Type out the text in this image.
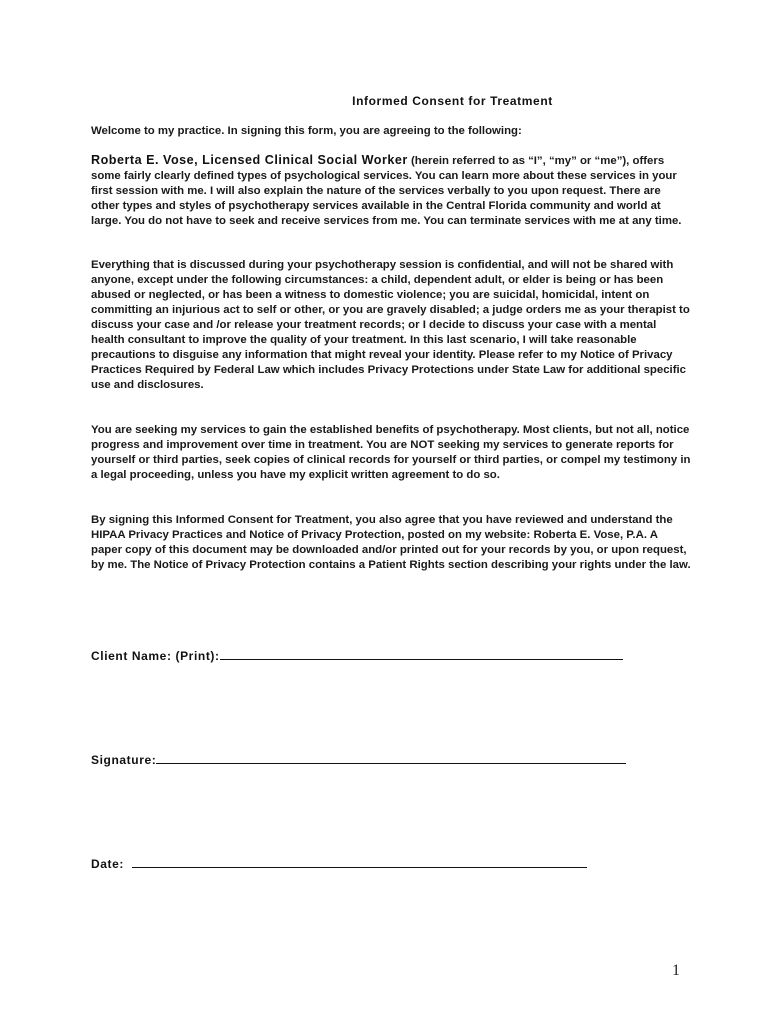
Informed Consent for Treatment

Welcome to my practice. In signing this form, you are agreeing to the following:

Roberta E. Vose, Licensed Clinical Social Worker (herein referred to as “I”, “my” or “me”), offers some fairly clearly defined types of psychological services. You can learn more about these services in your first session with me. I will also explain the nature of the services verbally to you upon request. There are other types and styles of psychotherapy services available in the Central Florida community and world at large. You do not have to seek and receive services from me. You can terminate services with me at any time.

Everything that is discussed during your psychotherapy session is confidential, and will not be shared with anyone, except under the following circumstances: a child, dependent adult, or elder is being or has been abused or neglected, or has been a witness to domestic violence; you are suicidal, homicidal, intent on committing an injurious act to self or other, or you are gravely disabled; a judge orders me as your therapist to discuss your case and /or release your treatment records; or I decide to discuss your case with a mental health consultant to improve the quality of your treatment. In this last scenario, I will take reasonable precautions to disguise any information that might reveal your identity. Please refer to my Notice of Privacy Practices Required by Federal Law which includes Privacy Protections under State Law for additional specific use and disclosures.

You are seeking my services to gain the established benefits of psychotherapy. Most clients, but not all, notice progress and improvement over time in treatment. You are NOT seeking my services to generate reports for yourself or third parties, seek copies of clinical records for yourself or third parties, or compel my testimony in a legal proceeding, unless you have my explicit written agreement to do so.

By signing this Informed Consent for Treatment, you also agree that you have reviewed and understand the HIPAA Privacy Practices and Notice of Privacy Protection, posted on my website: Roberta E. Vose, P.A. A paper copy of this document may be downloaded and/or printed out for your records by you, or upon request, by me. The Notice of Privacy Protection contains a Patient Rights section describing your rights under the law.

Client Name: (Print):
Signature:
Date:
1
